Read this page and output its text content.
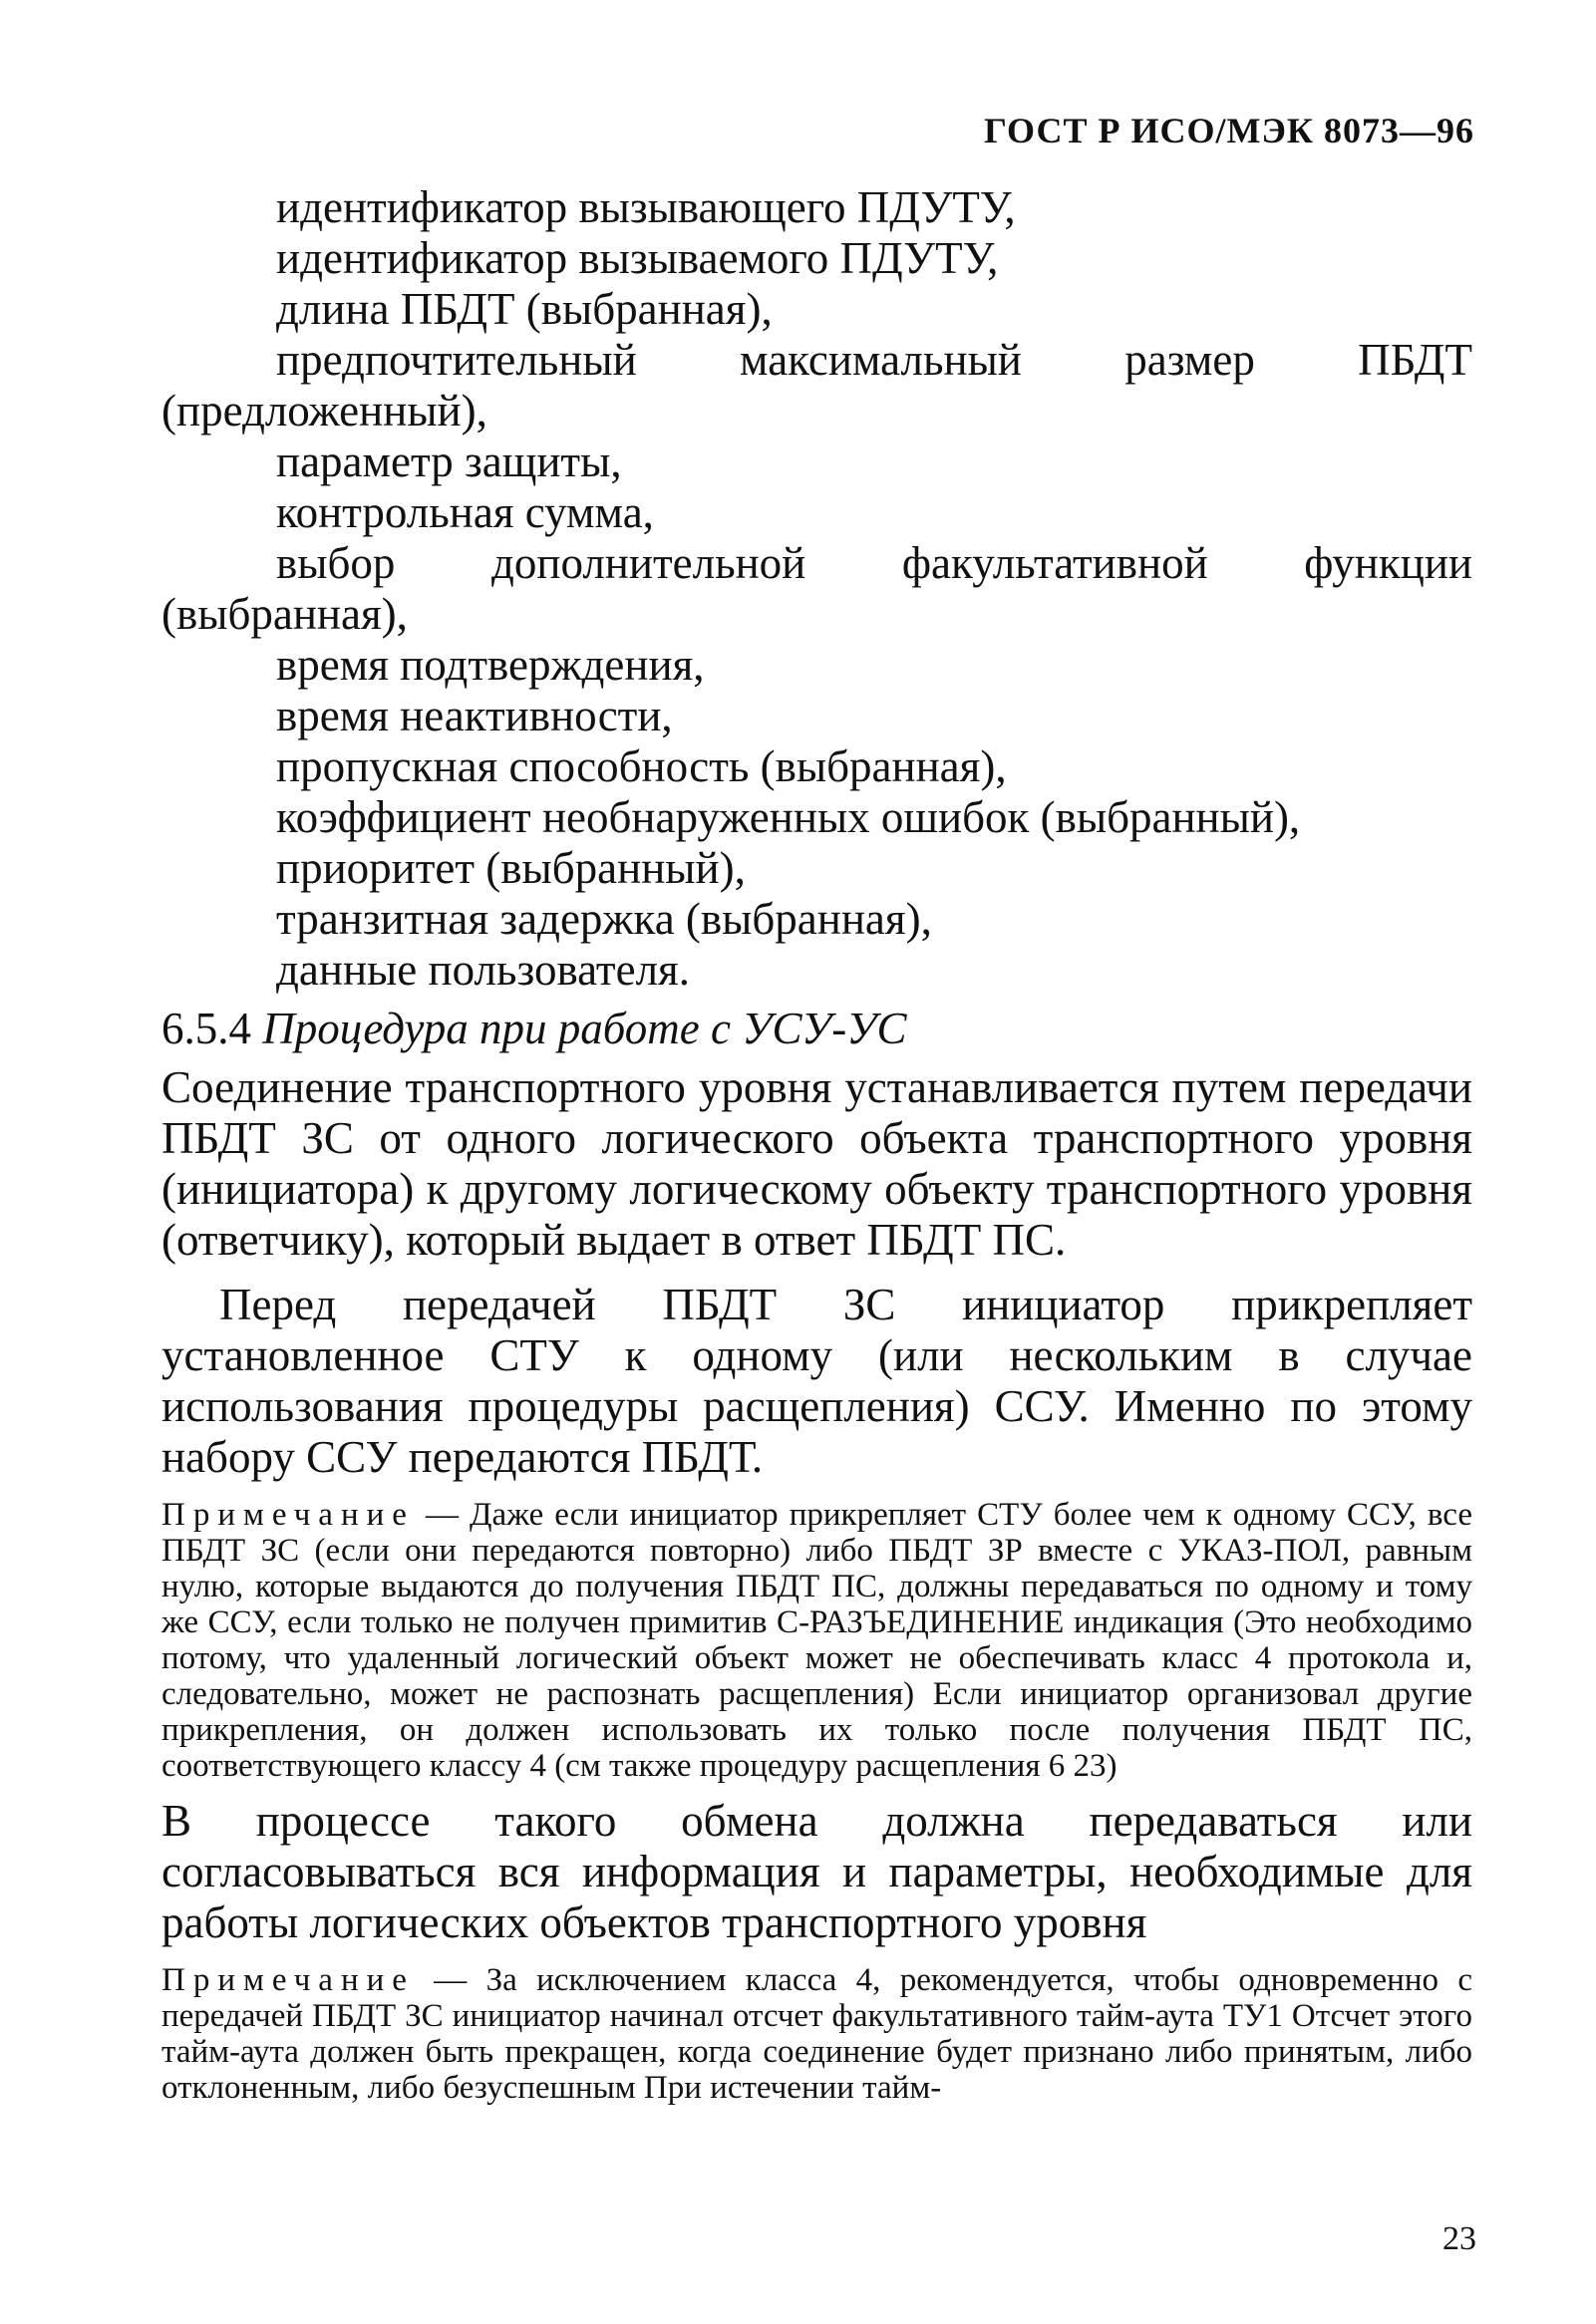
ГОСТ Р ИСО/МЭК 8073—96
идентификатор вызывающего ПДУТУ,
идентификатор вызываемого ПДУТУ,
длина ПБДТ (выбранная),
предпочтительный максимальный размер ПБДТ (предложенный),
параметр защиты,
контрольная сумма,
выбор дополнительной факультативной функции (выбранная),
время подтверждения,
время неактивности,
пропускная способность (выбранная),
коэффициент необнаруженных ошибок (выбранный),
приоритет (выбранный),
транзитная задержка (выбранная),
данные пользователя.
6.5.4 Процедура при работе с УСУ-УС

Соединение транспортного уровня устанавливается путем передачи ПБДТ ЗС от одного логического объекта транспортного уровня (инициатора) к другому логическому объекту транспортного уровня (ответчику), который выдает в ответ ПБДТ ПС.

Перед передачей ПБДТ ЗС инициатор прикрепляет установленное СТУ к одному (или нескольким в случае использования процедуры расщепления) ССУ. Именно по этому набору ССУ передаются ПБДТ.

Примечание — Даже если инициатор прикрепляет СТУ более чем к одному ССУ, все ПБДТ ЗС (если они передаются повторно) либо ПБДТ ЗР вместе с УКАЗ-ПОЛ, равным нулю, которые выдаются до получения ПБДТ ПС, должны передаваться по одному и тому же ССУ, если только не получен примитив С-РАЗЪЕДИНЕНИЕ индикация (Это необходимо потому, что удаленный логический объект может не обеспечивать класс 4 протокола и, следовательно, может не распознать расщепления) Если инициатор организовал другие прикрепления, он должен использовать их только после получения ПБДТ ПС, соответствующего классу 4 (см также процедуру расщепления 6 23)

В процессе такого обмена должна передаваться или согласовываться вся информация и параметры, необходимые для работы логических объектов транспортного уровня

Примечание — За исключением класса 4, рекомендуется, чтобы одновременно с передачей ПБДТ ЗС инициатор начинал отсчет факультативного тайм-аута ТУ1 Отсчет этого тайм-аута должен быть прекращен, когда соединение будет признано либо принятым, либо отклоненным, либо безуспешным При истечении тайм-

23
